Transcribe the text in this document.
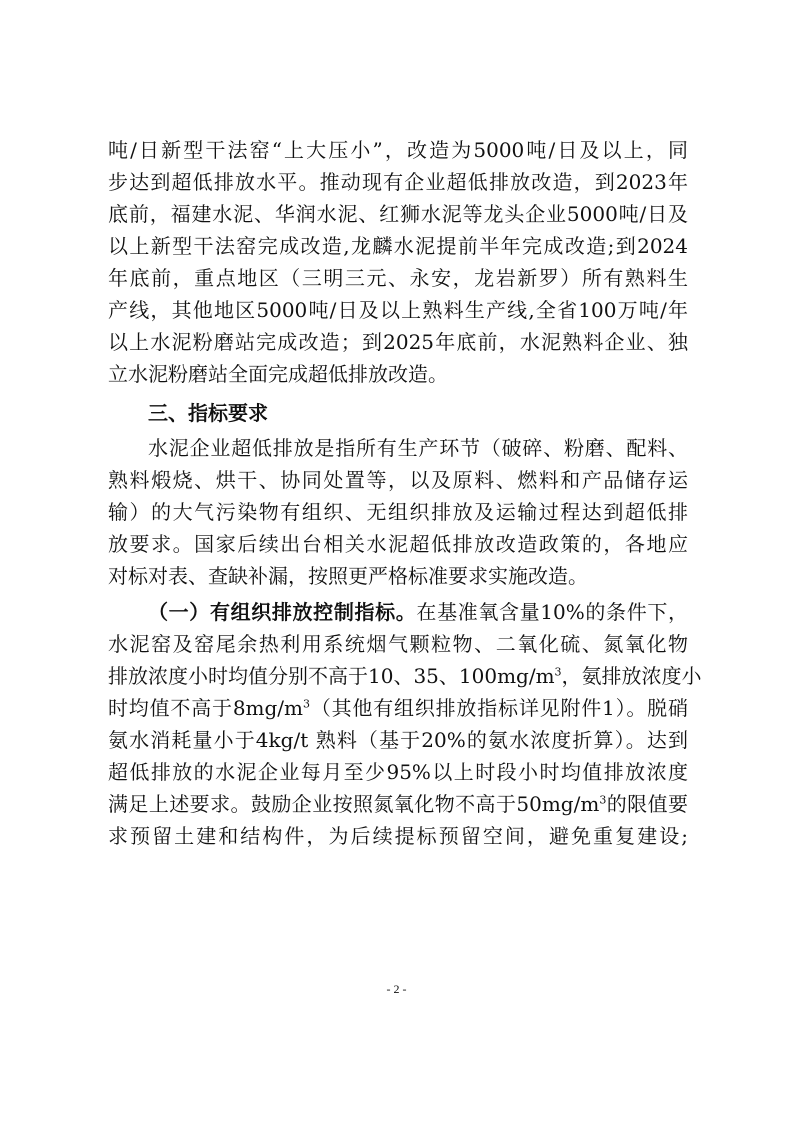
吨/日新型干法窑“上大压小”，改造为5000吨/日及以上，同
步达到超低排放水平。推动现有企业超低排放改造，到2023年
底前，福建水泥、华润水泥、红狮水泥等龙头企业5000吨/日及
以上新型干法窑完成改造,龙麟水泥提前半年完成改造;到2024
年底前，重点地区（三明三元、永安，龙岩新罗）所有熟料生
产线，其他地区5000吨/日及以上熟料生产线,全省100万吨/年
以上水泥粉磨站完成改造；到2025年底前，水泥熟料企业、独
立水泥粉磨站全面完成超低排放改造。
三、指标要求
水泥企业超低排放是指所有生产环节（破碎、粉磨、配料、
熟料煅烧、烘干、协同处置等，以及原料、燃料和产品储存运
输）的大气污染物有组织、无组织排放及运输过程达到超低排
放要求。国家后续出台相关水泥超低排放改造政策的，各地应
对标对表、查缺补漏，按照更严格标准要求实施改造。
（一）有组织排放控制指标。在基准氧含量10%的条件下，
水泥窑及窑尾余热利用系统烟气颗粒物、二氧化硫、氮氧化物
排放浓度小时均值分别不高于10、35、$100mg/m^3$，氨排放浓度小
时均值不高于$8mg/m^3$（其他有组织排放指标详见附件1）。脱硝
氨水消耗量小于4kg/t 熟料（基于20%的氨水浓度折算）。达到
超低排放的水泥企业每月至少95%以上时段小时均值排放浓度
满足上述要求。鼓励企业按照氮氧化物不高于$50mg/m^3$的限值要
求预留土建和结构件，为后续提标预留空间，避免重复建设;
- 2 -
